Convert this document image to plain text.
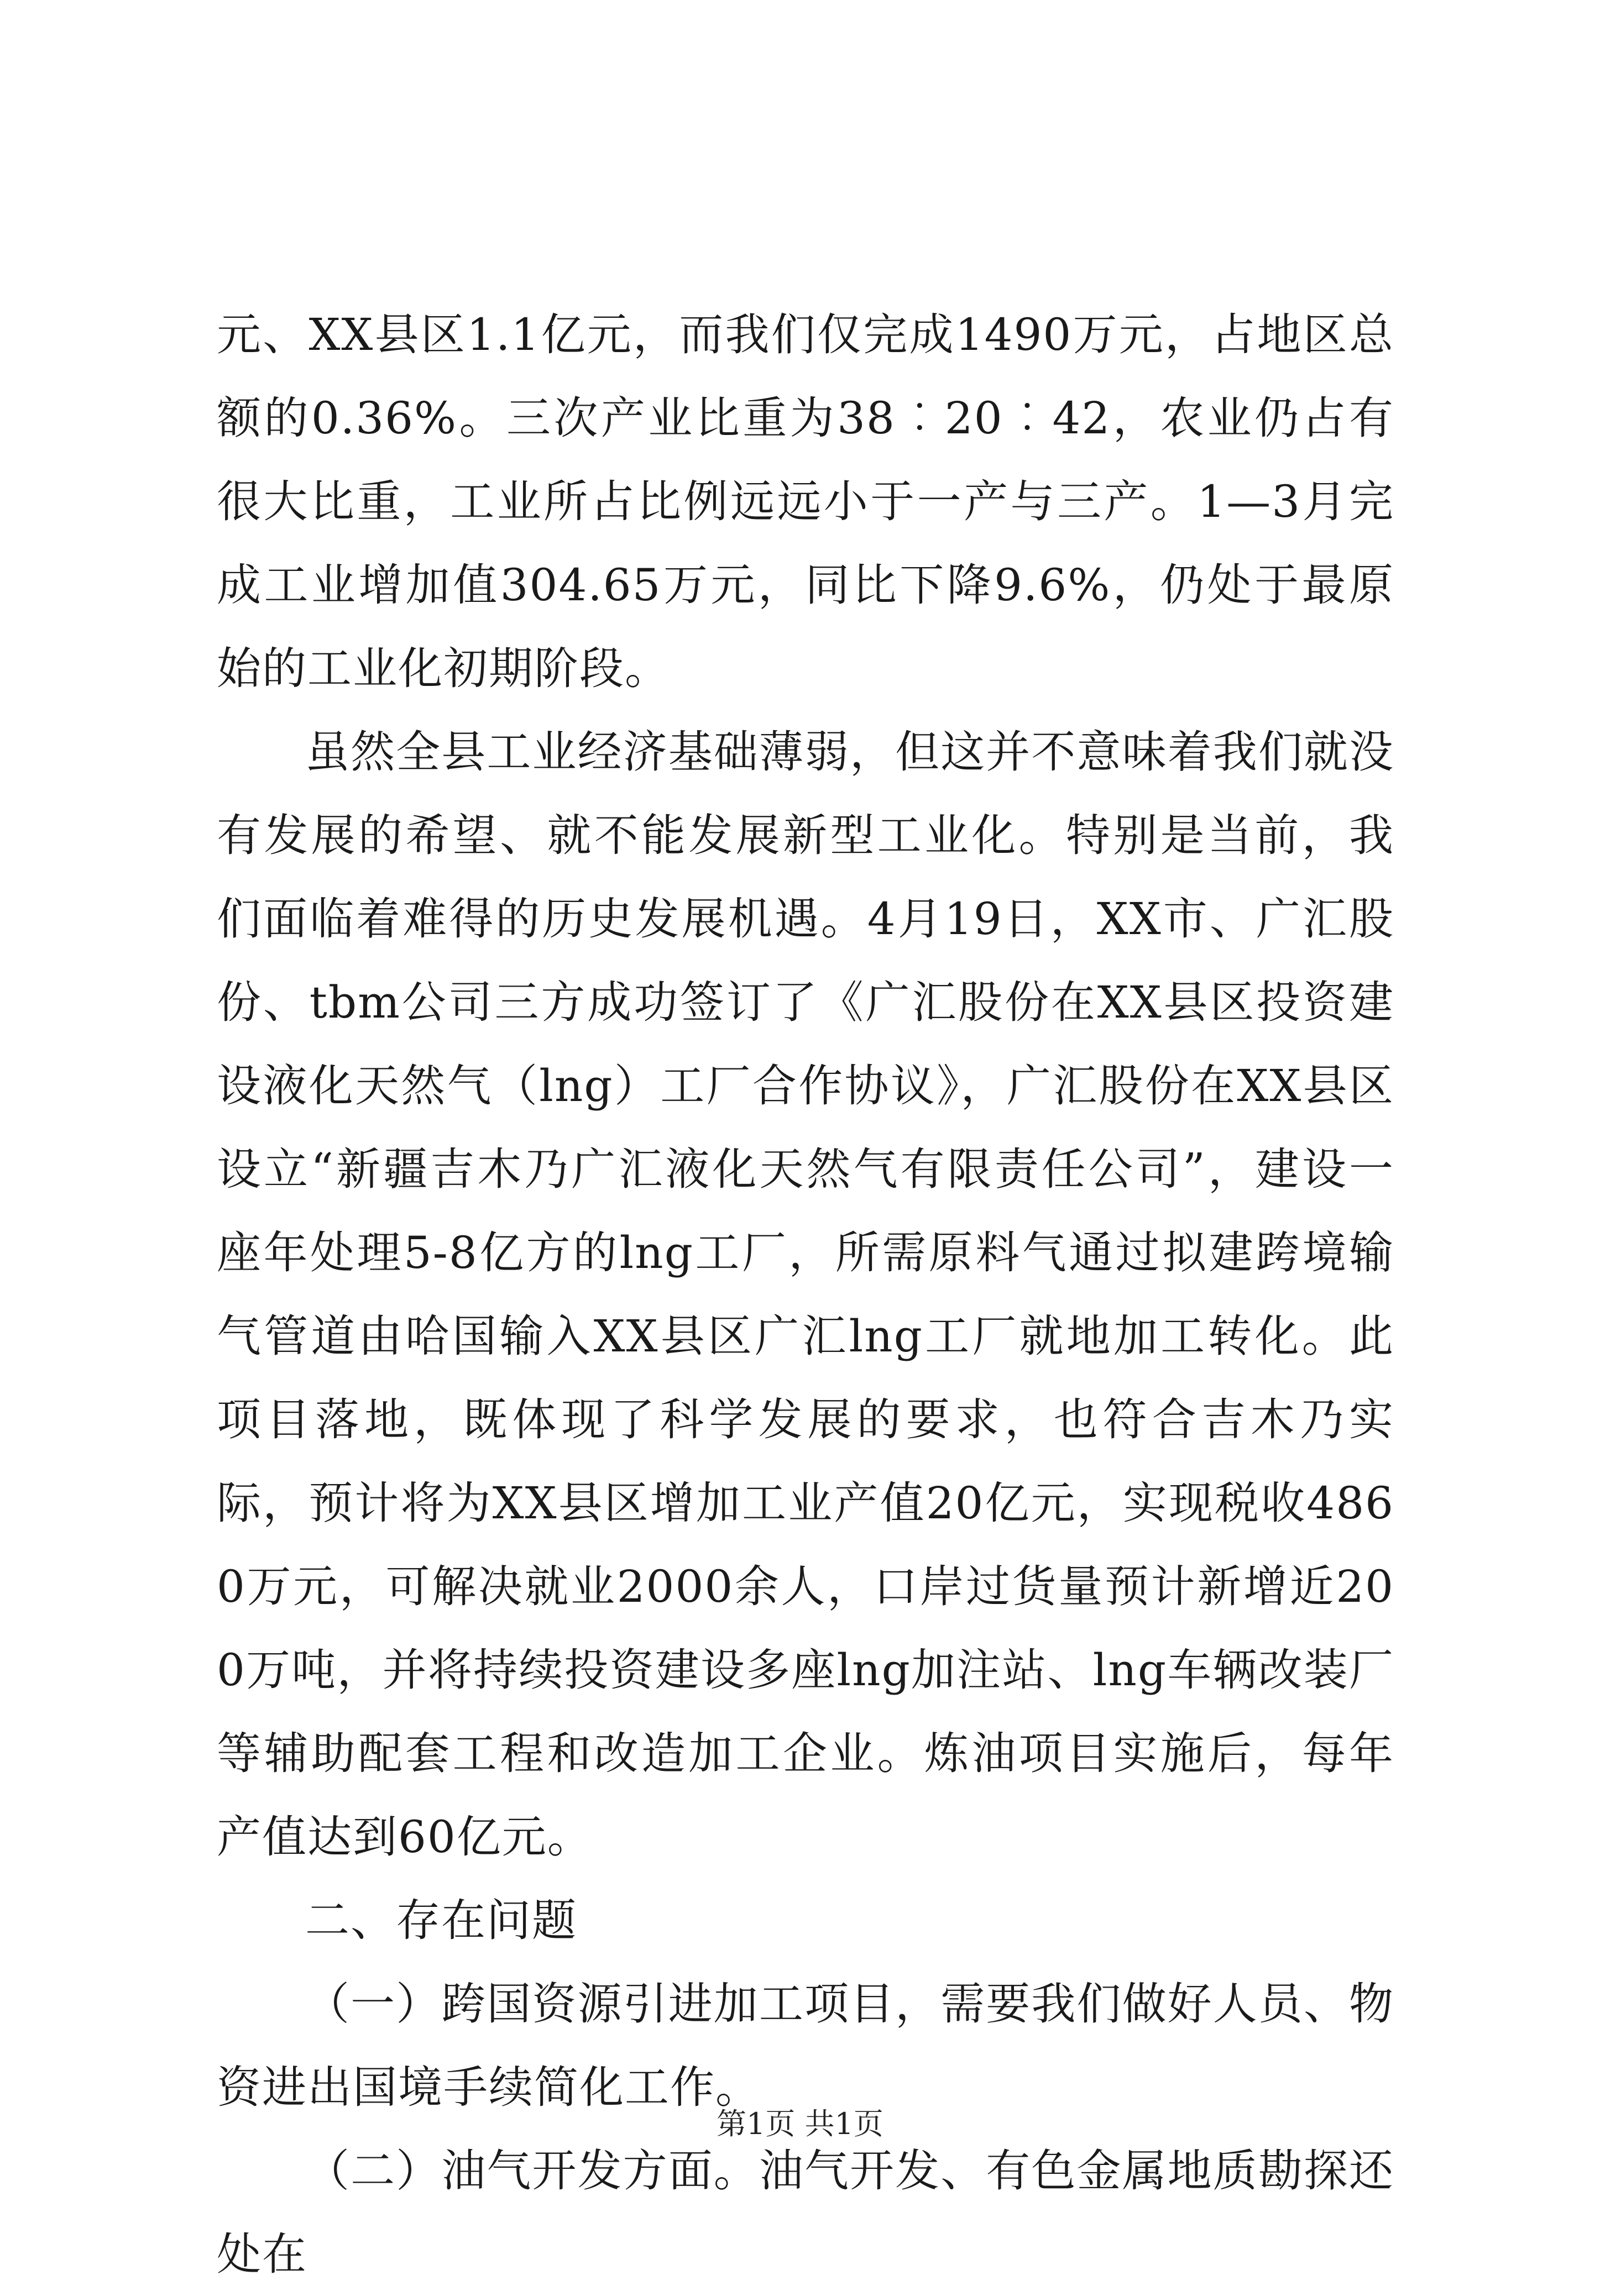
元、XX县区1.1亿元，而我们仅完成1490万元，占地区总额的0.36%。三次产业比重为38︰20︰42，农业仍占有很大比重，工业所占比例远远小于一产与三产。1—3月完成工业增加值304.65万元，同比下降9.6%，仍处于最原始的工业化初期阶段。

虽然全县工业经济基础薄弱，但这并不意味着我们就没有发展的希望、就不能发展新型工业化。特别是当前，我们面临着难得的历史发展机遇。4月19日，XX市、广汇股份、tbm公司三方成功签订了《广汇股份在XX县区投资建设液化天然气（lng）工厂合作协议》，广汇股份在XX县区设立“新疆吉木乃广汇液化天然气有限责任公司”，建设一座年处理5-8亿方的lng工厂，所需原料气通过拟建跨境输气管道由哈国输入XX县区广汇lng工厂就地加工转化。此项目落地，既体现了科学发展的要求，也符合吉木乃实际，预计将为XX县区增加工业产值20亿元，实现税收4860万元，可解决就业2000余人，口岸过货量预计新增近200万吨，并将持续投资建设多座lng加注站、lng车辆改装厂等辅助配套工程和改造加工企业。炼油项目实施后，每年产值达到60亿元。

二、存在问题

（一）跨国资源引进加工项目，需要我们做好人员、物资进出国境手续简化工作。

（二）油气开发方面。油气开发、有色金属地质勘探还处在

第1页 共1页
